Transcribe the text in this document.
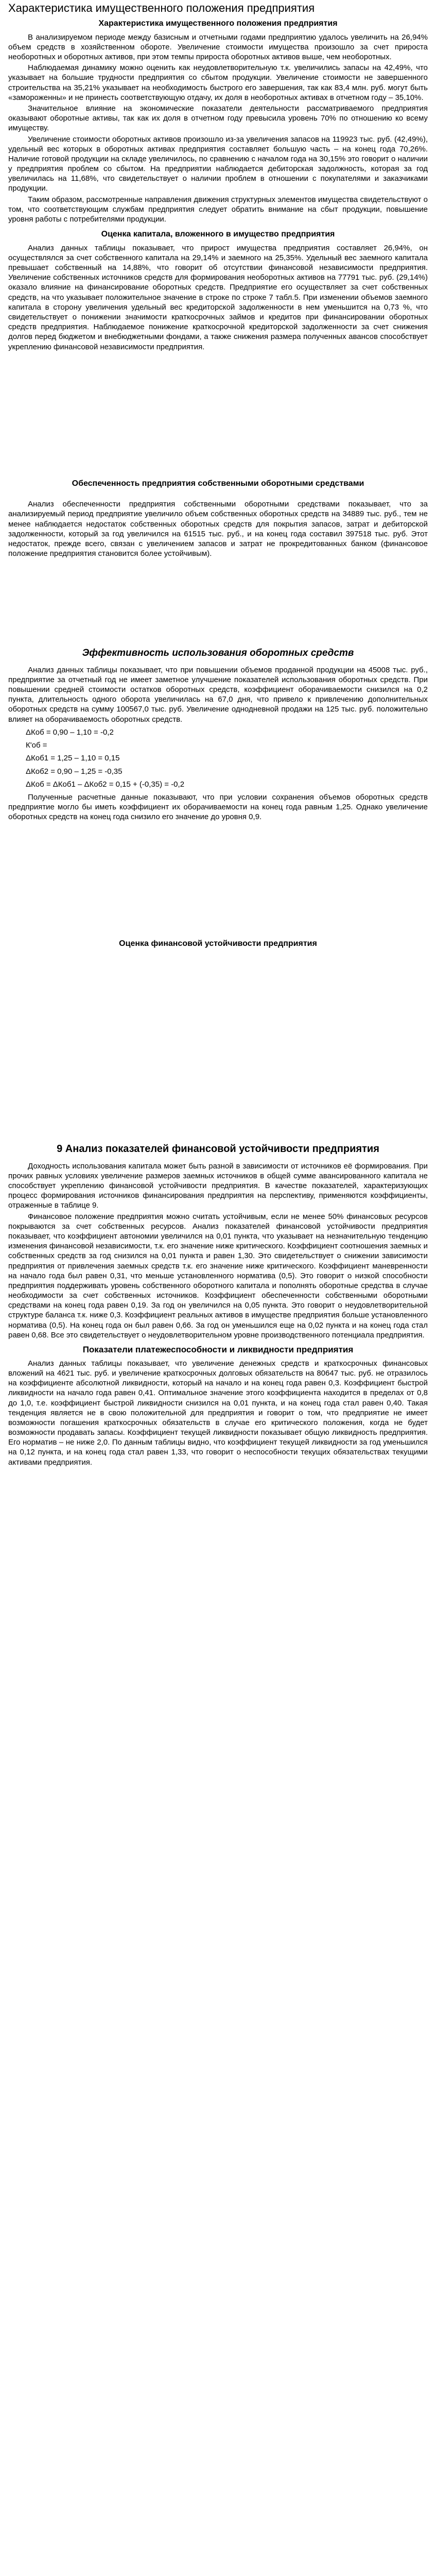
Характеристика имущественного положения предприятия
Характеристика имущественного положения предприятия

В анализируемом периоде между базисным и отчетными годами предприятию удалось увеличить на 26,94% объем средств в хозяйственном обороте. Увеличение стоимости имущества произошло за счет прироста необоротных и оборотных активов, при этом темпы прироста оборотных активов выше, чем необоротных.

Наблюдаемая динамику можно оценить как неудовлетворительную т.к. увеличились запасы на 42,49%, что указывает на большие трудности предприятия со сбытом продукции. Увеличение стоимости не завершенного строительства на 35,21% указывает на необходимость быстрого его завершения, так как 83,4 млн. руб. могут быть «замороженны» и не принесть соответствующую отдачу, их доля в необоротных активах в отчетном году – 35,10%.

Значительное влияние на экономические показатели деятельности рассматриваемого предприятия оказывают оборотные активы, так как их доля в отчетном году превысила уровень 70% по отношению ко всему имуществу.

Увеличение стоимости оборотных активов произошло из-за увеличения запасов на 119923 тыс. руб. (42,49%), удельный вес которых в оборотных активах предприятия составляет большую часть – на конец года 70,26%. Наличие готовой продукции на складе увеличилось, по сравнению с началом года на 30,15% это говорит о наличии у предприятия проблем со сбытом. На предприятии наблюдается дебиторская задолжность, которая за год увеличилась на 11,68%, что свидетельствует о наличии проблем в отношении с покупателями и заказчиками продукции.

Таким образом, рассмотренные направления движения структурных элементов имущества свидетельствуют о том, что соответствующим службам предприятия следует обратить внимание на сбыт продукции, повышение уровня работы с потребителями продукции.

Оценка капитала, вложенного в имущество предприятия

Анализ данных таблицы показывает, что прирост имущества предприятия составляет 26,94%, он осуществлялся за счет собственного капитала на 29,14% и заемного на 25,35%. Удельный вес заемного капитала превышает собственный на 14,88%, что говорит об отсутствии финансовой независимости предприятия. Увеличение собственных источников средств для формирования необоротных активов на 77791 тыс. руб. (29,14%) оказало влияние на финансирование оборотных средств. Предприятие его осуществляет за счет собственных средств, на что указывает положительное значение в строке по строке 7 табл.5. При изменении объемов заемного капитала в сторону увеличения удельный вес кредиторской задолженности в нем уменьшится на 0,73 %, что свидетельствует о понижении значимости краткосрочных займов и кредитов при финансировании оборотных средств предприятия. Наблюдаемое понижение краткосрочной кредиторской задолженности за счет снижения долгов перед бюджетом и внебюджетными фондами, а также снижения размера полученных авансов способствует укреплению финансовой независимости предприятия.

Обеспеченность предприятия собственными оборотными средствами

Анализ обеспеченности предприятия собственными оборотными средствами показывает, что за анализируемый период предприятие увеличило объем собственных оборотных средств на 34889 тыс. руб., тем не менее наблюдается недостаток собственных оборотных средств для покрытия запасов, затрат и дебиторской задолженности, который за год увеличился на 61515 тыс. руб., и на конец года составил 397518 тыс. руб. Этот недостаток, прежде всего, связан с увеличением запасов и затрат не прокредитованных банком (финансовое положение предприятия становится более устойчивым).

Эффективность использования оборотных средств

Анализ данных таблицы показывает, что при повышении объемов проданной продукции на 45008 тыс. руб., предприятие за отчетный год не имеет заметное улучшение показателей использования оборотных средств. При повышении средней стоимости остатков оборотных средств, коэффициент оборачиваемости снизился на 0,2 пункта, длительность одного оборота увеличилась на 67,0 дня, что привело к привлечению дополнительных оборотных средств на сумму 100567,0 тыс. руб. Увеличение однодневной продажи на 125 тыс. руб. положительно влияет на оборачиваемость оборотных средств.

ΔКоб = 0,90 – 1,10 = -0,2
К'об =
ΔКоб1 = 1,25 – 1,10 = 0,15
ΔКоб2 = 0,90 – 1,25 = -0,35
ΔКоб = ΔКоб1 – ΔКоб2 = 0,15 + (-0,35) = -0,2

Полученные расчетные данные показывают, что при условии сохранения объемов оборотных средств предприятие могло бы иметь коэффициент их оборачиваемости на конец года равным 1,25. Однако увеличение оборотных средств на конец года снизило его значение до уровня 0,9.

Оценка финансовой устойчивости предприятия
9 Анализ показателей финансовой устойчивости предприятия

Доходность использования капитала может быть разной в зависимости от источников её формирования. При прочих равных условиях увеличение размеров заемных источников в общей сумме авансированного капитала не способствует укреплению финансовой устойчивости предприятия. В качестве показателей, характеризующих процесс формирования источников финансирования предприятия на перспективу, применяются коэффициенты, отраженные в таблице 9.

Финансовое положение предприятия можно считать устойчивым, если не менее 50% финансовых ресурсов покрываются за счет собственных ресурсов. Анализ показателей финансовой устойчивости предприятия показывает, что коэффициент автономии увеличился на 0,01 пункта, что указывает на незначительную тенденцию изменения финансовой независимости, т.к. его значение ниже критического. Коэффициент соотношения заемных и собственных средств за год снизился на 0,01 пункта и равен 1,30. Это свидетельствует о снижении зависимости предприятия от привлечения заемных средств т.к. его значение ниже критического. Коэффициент маневренности на начало года был равен 0,31, что меньше установленного норматива (0,5). Это говорит о низкой способности предприятия поддерживать уровень собственного оборотного капитала и пополнять оборотные средства в случае необходимости за счет собственных источников. Коэффициент обеспеченности собственными оборотными средствами на конец года равен 0,19. За год он увеличился на 0,05 пункта. Это говорит о неудовлетворительной структуре баланса т.к. ниже 0,3. Коэффициент реальных активов в имуществе предприятия больше установленного норматива (0,5). На конец года он был равен 0,66. За год он уменьшился еще на 0,02 пункта и на конец года стал равен 0,68. Все это свидетельствует о неудовлетворительном уровне производственного потенциала предприятия.

Показатели платежеспособности и ликвидности предприятия

Анализ данных таблицы показывает, что увеличение денежных средств и краткосрочных финансовых вложений на 4621 тыс. руб. и увеличение краткосрочных долговых обязательств на 80647 тыс. руб. не отразилось на коэффициенте абсолютной ликвидности, который на начало и на конец года равен 0,3. Коэффициент быстрой ликвидности на начало года равен 0,41. Оптимальное значение этого коэффициента находится в пределах от 0,8 до 1,0, т.е. коэффициент быстрой ликвидности снизился на 0,01 пункта, и на конец года стал равен 0,40. Такая тенденция является не в свою положительной для предприятия и говорит о том, что предприятие не имеет возможности погашения краткосрочных обязательств в случае его критического положения, когда не будет возможности продавать запасы. Коэффициент текущей ликвидности показывает общую ликвидность предприятия. Его норматив – не ниже 2,0. По данным таблицы видно, что коэффициент текущей ликвидности за год уменьшился на 0,12 пункта, и на конец года стал равен 1,33, что говорит о неспособности текущих обязательствах текущими активами предприятия.
